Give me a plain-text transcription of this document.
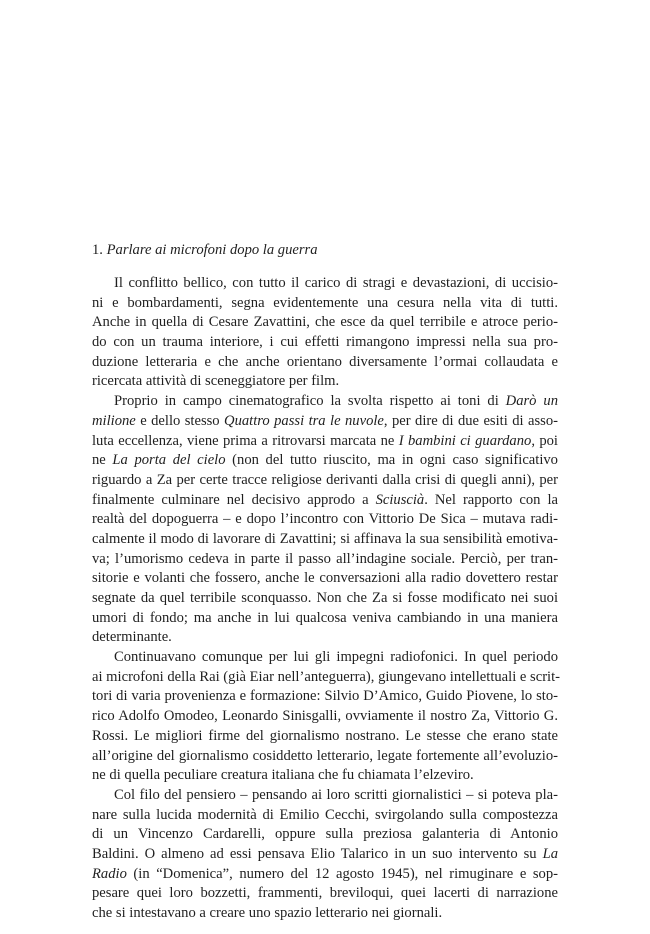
1. Parlare ai microfoni dopo la guerra
Il conflitto bellico, con tutto il carico di stragi e devastazioni, di uccisio-
ni e bombardamenti, segna evidentemente una cesura nella vita di tutti.
Anche in quella di Cesare Zavattini, che esce da quel terribile e atroce perio-
do con un trauma interiore, i cui effetti rimangono impressi nella sua pro-
duzione letteraria e che anche orientano diversamente l’ormai collaudata e
ricercata attività di sceneggiatore per film.
Proprio in campo cinematografico la svolta rispetto ai toni di Darò un
milione e dello stesso Quattro passi tra le nuvole, per dire di due esiti di asso-
luta eccellenza, viene prima a ritrovarsi marcata ne I bambini ci guardano, poi
ne La porta del cielo (non del tutto riuscito, ma in ogni caso significativo
riguardo a Za per certe tracce religiose derivanti dalla crisi di quegli anni), per
finalmente culminare nel decisivo approdo a Sciuscià. Nel rapporto con la
realtà del dopoguerra – e dopo l’incontro con Vittorio De Sica – mutava radi-
calmente il modo di lavorare di Zavattini; si affinava la sua sensibilità emotiva-
va; l’umorismo cedeva in parte il passo all’indagine sociale. Perciò, per tran-
sitorie e volanti che fossero, anche le conversazioni alla radio dovettero restar
segnate da quel terribile sconquasso. Non che Za si fosse modificato nei suoi
umori di fondo; ma anche in lui qualcosa veniva cambiando in una maniera
determinante.
Continuavano comunque per lui gli impegni radiofonici. In quel periodo
ai microfoni della Rai (già Eiar nell’anteguerra), giungevano intellettuali e scrit-
tori di varia provenienza e formazione: Silvio D’Amico, Guido Piovene, lo sto-
rico Adolfo Omodeo, Leonardo Sinisgalli, ovviamente il nostro Za, Vittorio G.
Rossi. Le migliori firme del giornalismo nostrano. Le stesse che erano state
all’origine del giornalismo cosiddetto letterario, legate fortemente all’evoluzio-
ne di quella peculiare creatura italiana che fu chiamata l’elzeviro.
Col filo del pensiero – pensando ai loro scritti giornalistici – si poteva pla-
nare sulla lucida modernità di Emilio Cecchi, svirgolando sulla compostezza
di un Vincenzo Cardarelli, oppure sulla preziosa galanteria di Antonio
Baldini. O almeno ad essi pensava Elio Talarico in un suo intervento su La
Radio (in “Domenica”, numero del 12 agosto 1945), nel rimuginare e sop-
pesare quei loro bozzetti, frammenti, breviloqui, quei lacerti di narrazione
che si intestavano a creare uno spazio letterario nei giornali.
